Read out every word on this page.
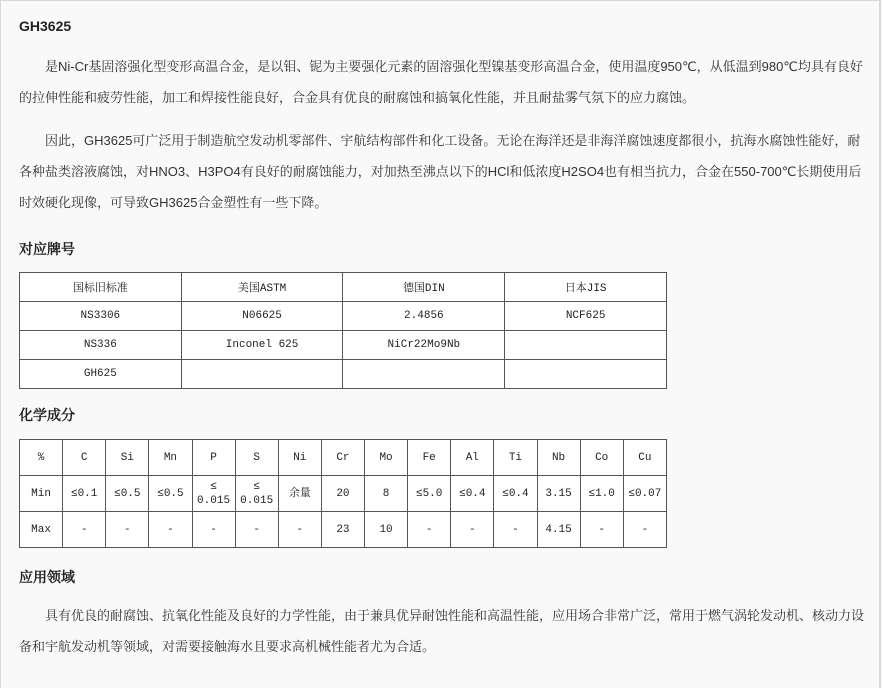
GH3625

是Ni-Cr基固溶强化型变形高温合金，是以钼、铌为主要强化元素的固溶强化型镍基变形高温合金，使用温度950℃，从低温到980℃均具有良好的拉伸性能和疲劳性能，加工和焊接性能良好，合金具有优良的耐腐蚀和搞氧化性能，并且耐盐雾气氛下的应力腐蚀。

因此，GH3625可广泛用于制造航空发动机零部件、宇航结构部件和化工设备。无论在海洋还是非海洋腐蚀速度都很小，抗海水腐蚀性能好，耐各种盐类溶液腐蚀，对HNO3、H3PO4有良好的耐腐蚀能力，对加热至沸点以下的HCl和低浓度H2SO4也有相当抗力，合金在550-700℃长期使用后时效硬化现像，可导致GH3625合金塑性有一些下降。

对应牌号
国标旧标准	美国ASTM	德国DIN	日本JIS
NS3306	N06625	2.4856	NCF625
NS336	Inconel 625	NiCr22Mo9Nb	
GH625			
化学成分
%	C	Si	Mn	P	S	Ni	Cr	Mo	Fe	Al	Ti	Nb	Co	Cu
Min	≤0.1	≤0.5	≤0.5	≤ 0.015	≤ 0.015	余量	20	8	≤5.0	≤0.4	≤0.4	3.15	≤1.0	≤0.07
Max	-	-	-	-	-	-	23	10	-	-	-	4.15	-	-
应用领域

具有优良的耐腐蚀、抗氧化性能及良好的力学性能，由于兼具优异耐蚀性能和高温性能，应用场合非常广泛，常用于燃气涡轮发动机、核动力设备和宇航发动机等领域，对需要接触海水且要求高机械性能者尤为合适。
